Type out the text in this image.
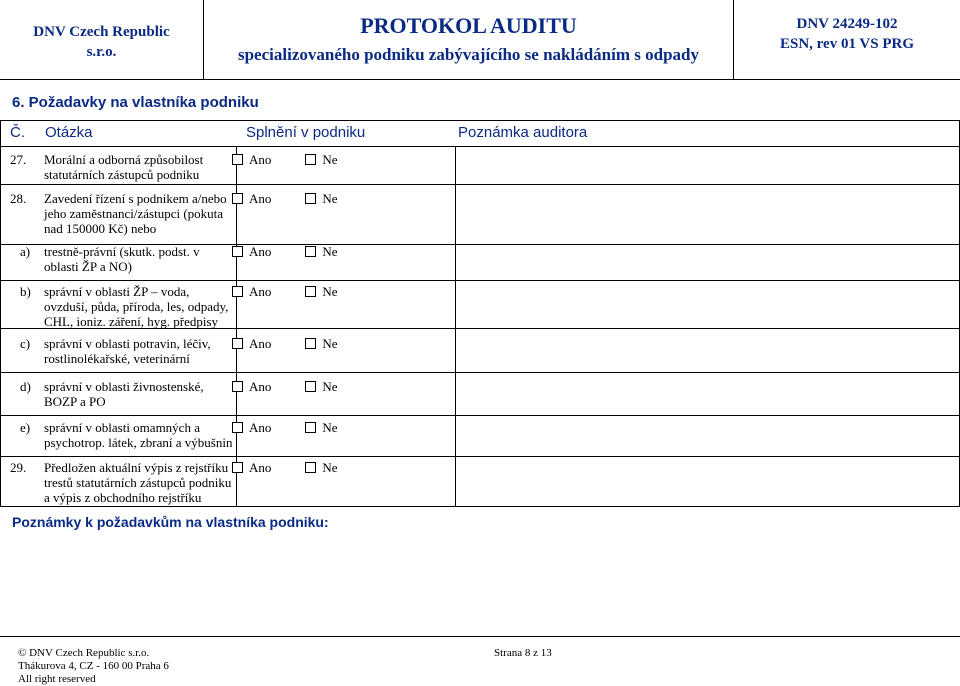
DNV Czech Republic
s.r.o.
PROTOKOL AUDITU
specializovaného podniku zabývajícího se nakládáním s odpady
DNV 24249-102
ESN, rev 01 VS PRG
6. Požadavky na vlastníka podniku
Č. Otázka	Splnění v podniku	Poznámka auditora
27. Morální a odborná způsobilost statutárních zástupců podniku
Ano	Ne
28. Zavedení řízení s podnikem a/nebo jeho zaměstnanci/zástupci (pokuta nad 150000 Kč) nebo
Ano	Ne
a) trestně-právní (skutk. podst. v oblasti ŽP a NO)
Ano	Ne
b) správní v oblasti ŽP – voda, ovzduší, půda, příroda, les, odpady, CHL, ioniz. záření, hyg. předpisy
Ano	Ne
c) správní v oblasti potravin, léčiv, rostlinolékařské, veterinární
Ano	Ne
d) správní v oblasti živnostenské, BOZP a PO
Ano	Ne
e) správní v oblasti omamných a psychotrop. látek, zbraní a výbušnin
Ano	Ne
29. Předložen aktuální výpis z rejstříku trestů statutárních zástupců podniku a výpis z obchodního rejstříku
Ano	Ne
Poznámky k požadavkům na vlastníka podniku:
© DNV Czech Republic s.r.o.
Thákurova 4, CZ - 160 00 Praha 6
All right reserved
Strana 8 z 13
